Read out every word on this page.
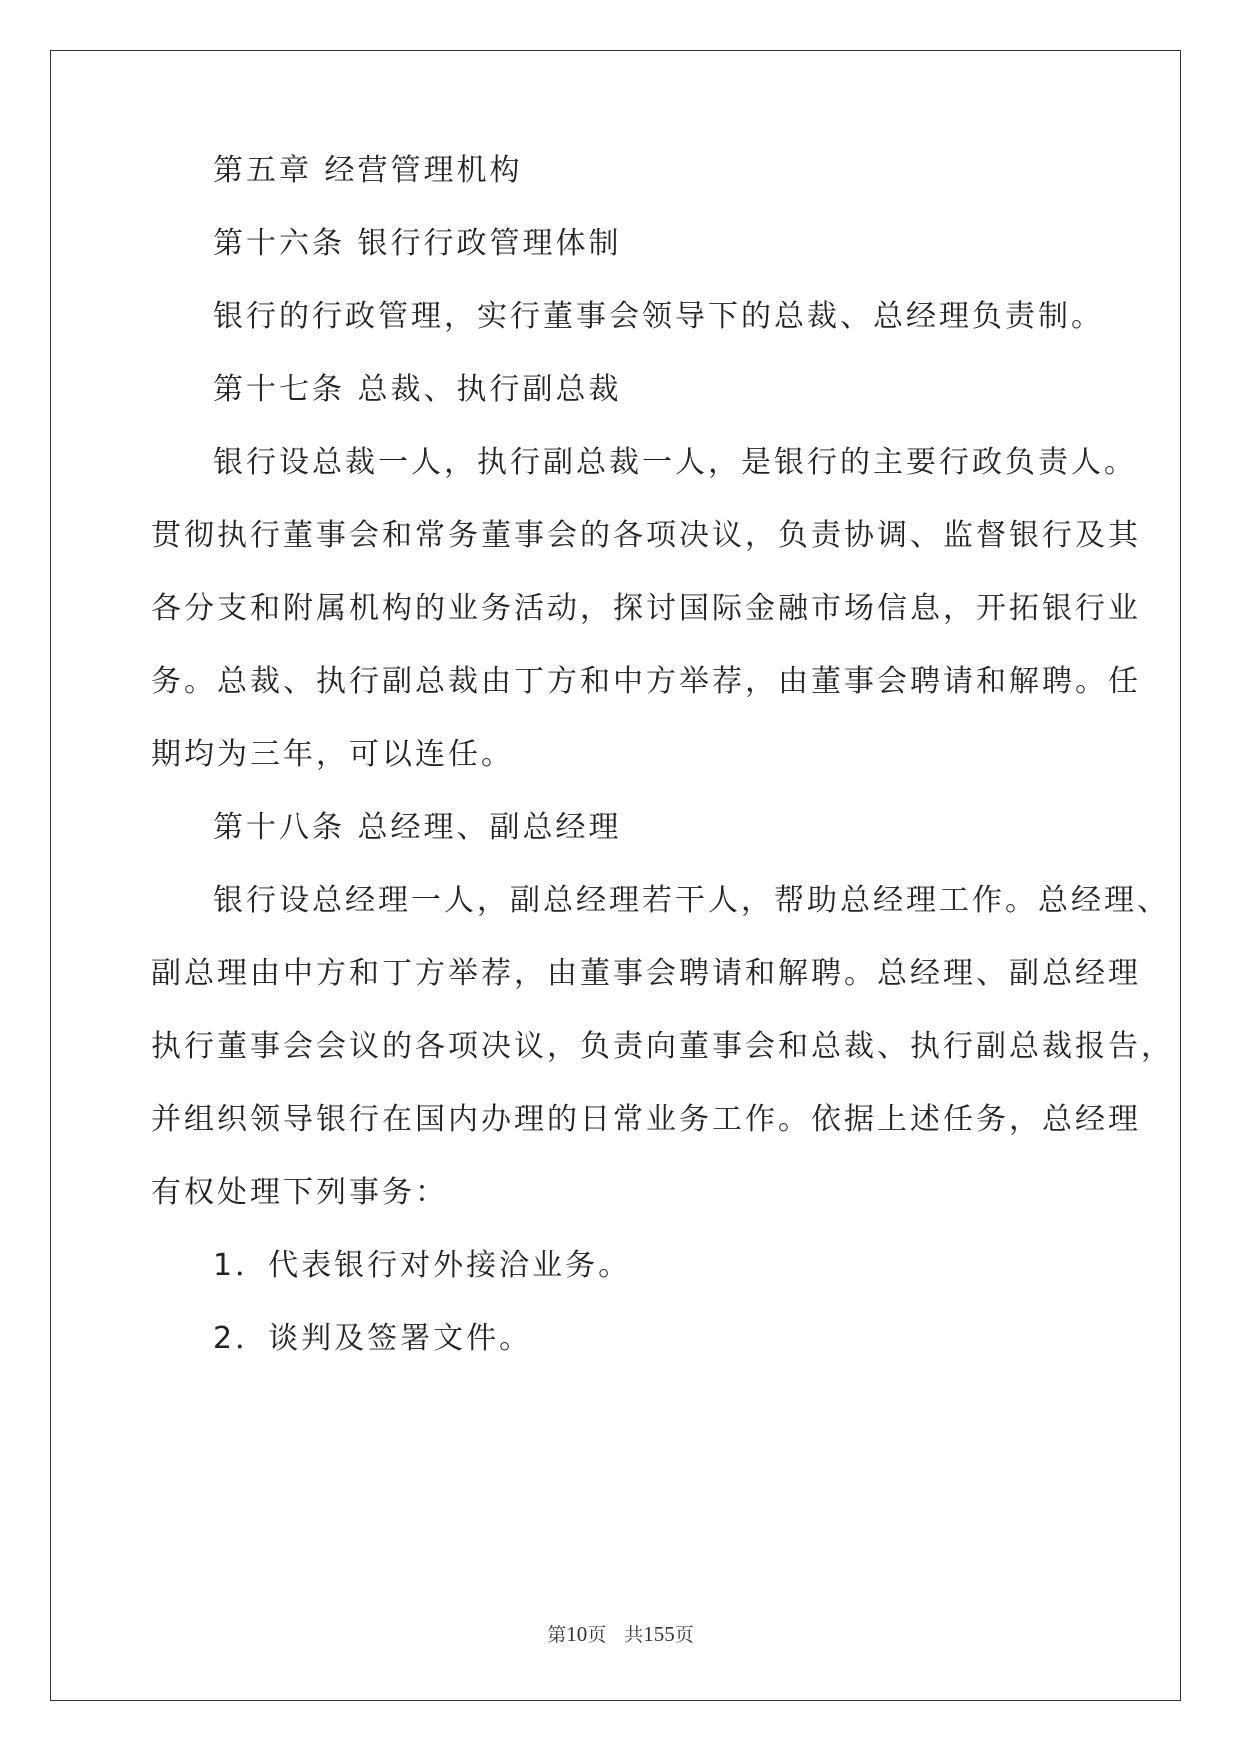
第五章 经营管理机构
第十六条 银行行政管理体制
银行的行政管理，实行董事会领导下的总裁、总经理负责制。
第十七条 总裁、执行副总裁
银行设总裁一人，执行副总裁一人，是银行的主要行政负责人。
贯彻执行董事会和常务董事会的各项决议，负责协调、监督银行及其
各分支和附属机构的业务活动，探讨国际金融市场信息，开拓银行业
务。总裁、执行副总裁由丁方和中方举荐，由董事会聘请和解聘。任
期均为三年，可以连任。
第十八条 总经理、副总经理
银行设总经理一人，副总经理若干人，帮助总经理工作。总经理、
副总理由中方和丁方举荐，由董事会聘请和解聘。总经理、副总经理
执行董事会会议的各项决议，负责向董事会和总裁、执行副总裁报告，
并组织领导银行在国内办理的日常业务工作。依据上述任务，总经理
有权处理下列事务：
1．代表银行对外接洽业务。
2．谈判及签署文件。
第10页 共155页
